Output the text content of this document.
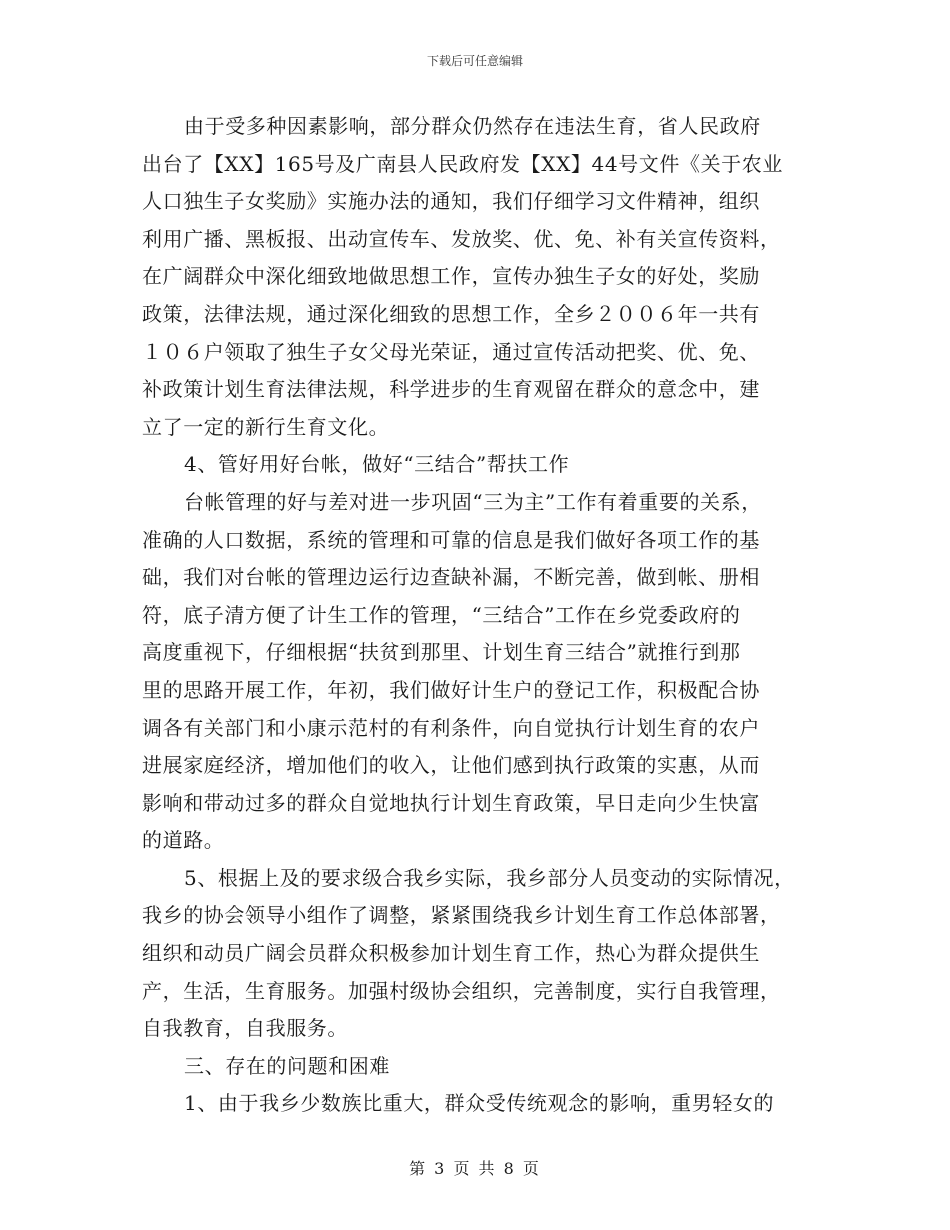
下载后可任意编辑
由于受多种因素影响，部分群众仍然存在违法生育，省人民政府
出台了【XX】165号及广南县人民政府发【XX】44号文件《关于农业
人口独生子女奖励》实施办法的通知，我们仔细学习文件精神，组织
利用广播、黑板报、出动宣传车、发放奖、优、免、补有关宣传资料，
在广阔群众中深化细致地做思想工作，宣传办独生子女的好处，奖励
政策，法律法规，通过深化细致的思想工作，全乡２００６年一共有
１０６户领取了独生子女父母光荣证，通过宣传活动把奖、优、免、
补政策计划生育法律法规，科学进步的生育观留在群众的意念中，建
立了一定的新行生育文化。
4、管好用好台帐，做好“三结合”帮扶工作
台帐管理的好与差对进一步巩固“三为主”工作有着重要的关系，
准确的人口数据，系统的管理和可靠的信息是我们做好各项工作的基
础，我们对台帐的管理边运行边查缺补漏，不断完善，做到帐、册相
符，底子清方便了计生工作的管理，“三结合”工作在乡党委政府的
高度重视下，仔细根据“扶贫到那里、计划生育三结合”就推行到那
里的思路开展工作，年初，我们做好计生户的登记工作，积极配合协
调各有关部门和小康示范村的有利条件，向自觉执行计划生育的农户
进展家庭经济，增加他们的收入，让他们感到执行政策的实惠，从而
影响和带动过多的群众自觉地执行计划生育政策，早日走向少生快富
的道路。
5、根据上及的要求级合我乡实际，我乡部分人员变动的实际情况，
我乡的协会领导小组作了调整，紧紧围绕我乡计划生育工作总体部署，
组织和动员广阔会员群众积极参加计划生育工作，热心为群众提供生
产，生活，生育服务。加强村级协会组织，完善制度，实行自我管理，
自我教育，自我服务。
三、存在的问题和困难
1、由于我乡少数族比重大，群众受传统观念的影响，重男轻女的
第 3 页 共 8 页
